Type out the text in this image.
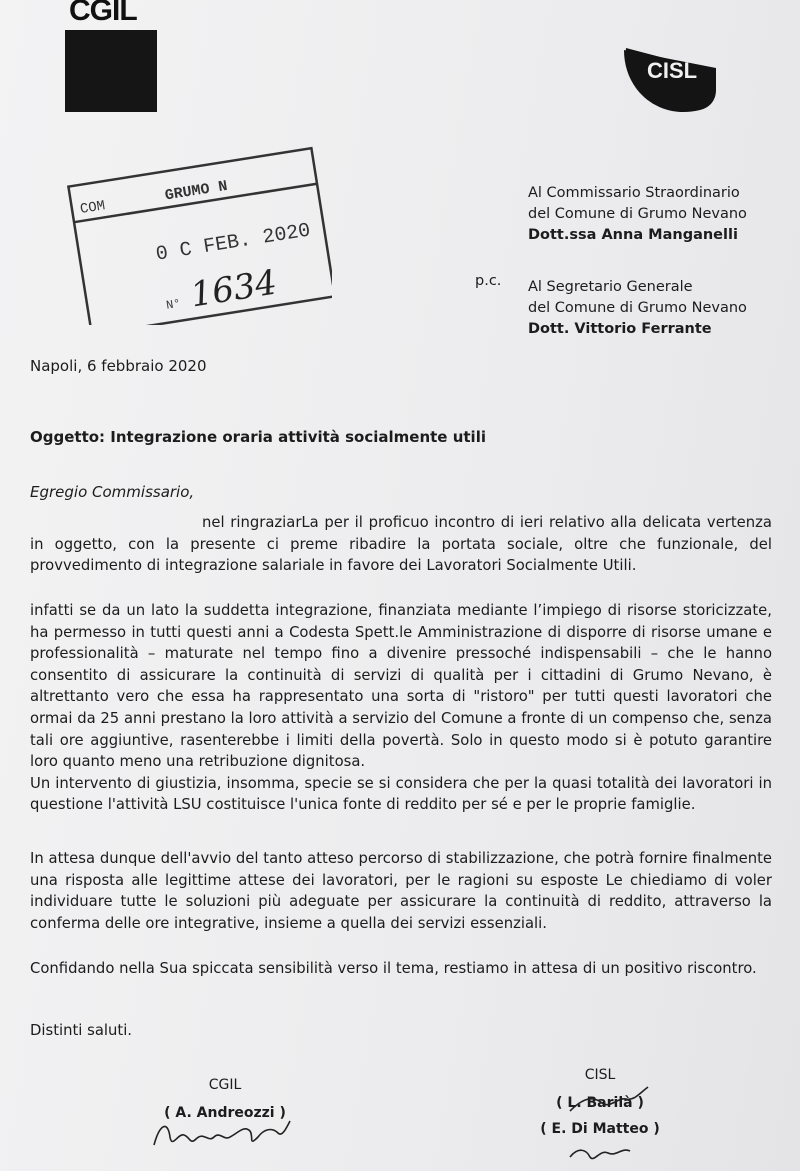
CGIL
CISL
COM
GRUMO N
0 C FEB. 2020
N° 1634
Al Commissario Straordinario
del Comune di Grumo Nevano
Dott.ssa Anna Manganelli
p.c. Al Segretario Generale
del Comune di Grumo Nevano
Dott. Vittorio Ferrante
Napoli, 6 febbraio 2020
Oggetto: Integrazione oraria attività socialmente utili
Egregio Commissario,

nel ringraziarLa per il proficuo incontro di ieri relativo alla delicata vertenza in oggetto, con la presente ci preme ribadire la portata sociale, oltre che funzionale, del provvedimento di integrazione salariale in favore dei Lavoratori Socialmente Utili.

infatti se da un lato la suddetta integrazione, finanziata mediante l’impiego di risorse storicizzate, ha permesso in tutti questi anni a Codesta Spett.le Amministrazione di disporre di risorse umane e professionalità – maturate nel tempo fino a divenire pressoché indispensabili – che le hanno consentito di assicurare la continuità di servizi di qualità per i cittadini di Grumo Nevano, è altrettanto vero che essa ha rappresentato una sorta di "ristoro" per tutti questi lavoratori che ormai da 25 anni prestano la loro attività a servizio del Comune a fronte di un compenso che, senza tali ore aggiuntive, rasenterebbe i limiti della povertà. Solo in questo modo si è potuto garantire loro quanto meno una retribuzione dignitosa.

Un intervento di giustizia, insomma, specie se si considera che per la quasi totalità dei lavoratori in questione l'attività LSU costituisce l'unica fonte di reddito per sé e per le proprie famiglie.

In attesa dunque dell'avvio del tanto atteso percorso di stabilizzazione, che potrà fornire finalmente una risposta alle legittime attese dei lavoratori, per le ragioni su esposte Le chiediamo di voler individuare tutte le soluzioni più adeguate per assicurare la continuità di reddito, attraverso la conferma delle ore integrative, insieme a quella dei servizi essenziali.

Confidando nella Sua spiccata sensibilità verso il tema, restiamo in attesa di un positivo riscontro.

Distinti saluti.

CGIL
( A. Andreozzi )
CISL
( L. Barilà )
( E. Di Matteo )
